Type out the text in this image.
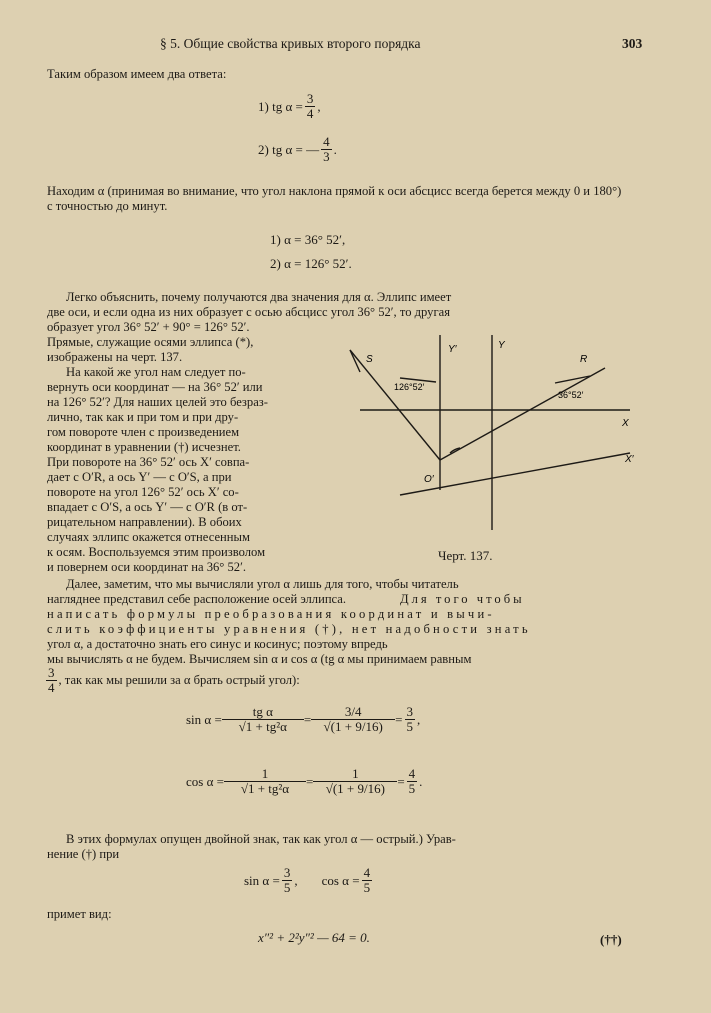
§ 5. Общие свойства кривых второго порядка	303
Таким образом имеем два ответа:
1) tg $\alpha = \frac{3}{4}$ ,
2) tg α = — $\frac{4}{3}$ .
Находим α (принимая во внимание, что угол наклона прямой к оси абсцисс всегда берется между 0 и 180°) с точностью до минут.
1) α = 36° 52′,
2) α = 126° 52′.
Легко объяснить, почему получаются два значения для α. Эллипс имеет
две оси, и если одна из них образует с осью абсцисс угол 36° 52′, то другая
образует угол 36° 52′ + 90° = 126° 52′.
Прямые, служащие осями эллипса (*),
изображены на черт. 137.
На какой же угол нам следует по-
вернуть оси координат — на 36° 52′ или
на 126° 52′? Для наших целей это безраз-
лично, так как и при том и при дру-
гом повороте член с произведением
координат в уравнении (†) исчезнет.
При повороте на 36° 52′ ось X′ совпа-
дает с O′R, а ось Y′ — с O′S, а при
повороте на угол 126° 52′ ось X′ со-
впадает с O′S, а ось Y′ — с O′R (в от-
рицательном направлении). В обоих
случаях эллипс окажется отнесенным
к осям. Воспользуемся этим произволом
и повернем оси координат на 36° 52′.
S
Y′	Y
R
X
X′
O′
126°52′
36°52′
Черт. 137.
Далее, заметим, что мы вычисляли угол α лишь для того, чтобы читатель
нагляднее представил себе расположение осей эллипса.	Для того чтобы
написать формулы преобразования координат и вычи-
слить коэффициенты уравнения (†), нет надобности знать
угол α, а достаточно знать его синус и косинус; поэтому впредь
мы вычислять α не будем. Вычисляем sin α и cos α (tg α мы принимаем равным
$\frac{3}{4}$ , так как мы решили за α брать острый угол):
$\sin \alpha = \frac{\text{tg α}}{\text{√1 + tg²α}} = \frac{3/4}{√(1 + 9/16)} = \frac{3}{5}$ ,
$\cos \alpha = \frac{1}{\text{√1 + tg²α}} = \frac{1}{√(1 + 9/16)} = \frac{4}{5}$ .
В этих формулах опущен двойной знак, так как угол α — острый.) Урав-
нение (†) при
$\sin \alpha = \frac{3}{5}$ , $\cos \alpha = \frac{4}{5}$
примет вид:
x″² + 2²y″² — 64 = 0.	(††)
